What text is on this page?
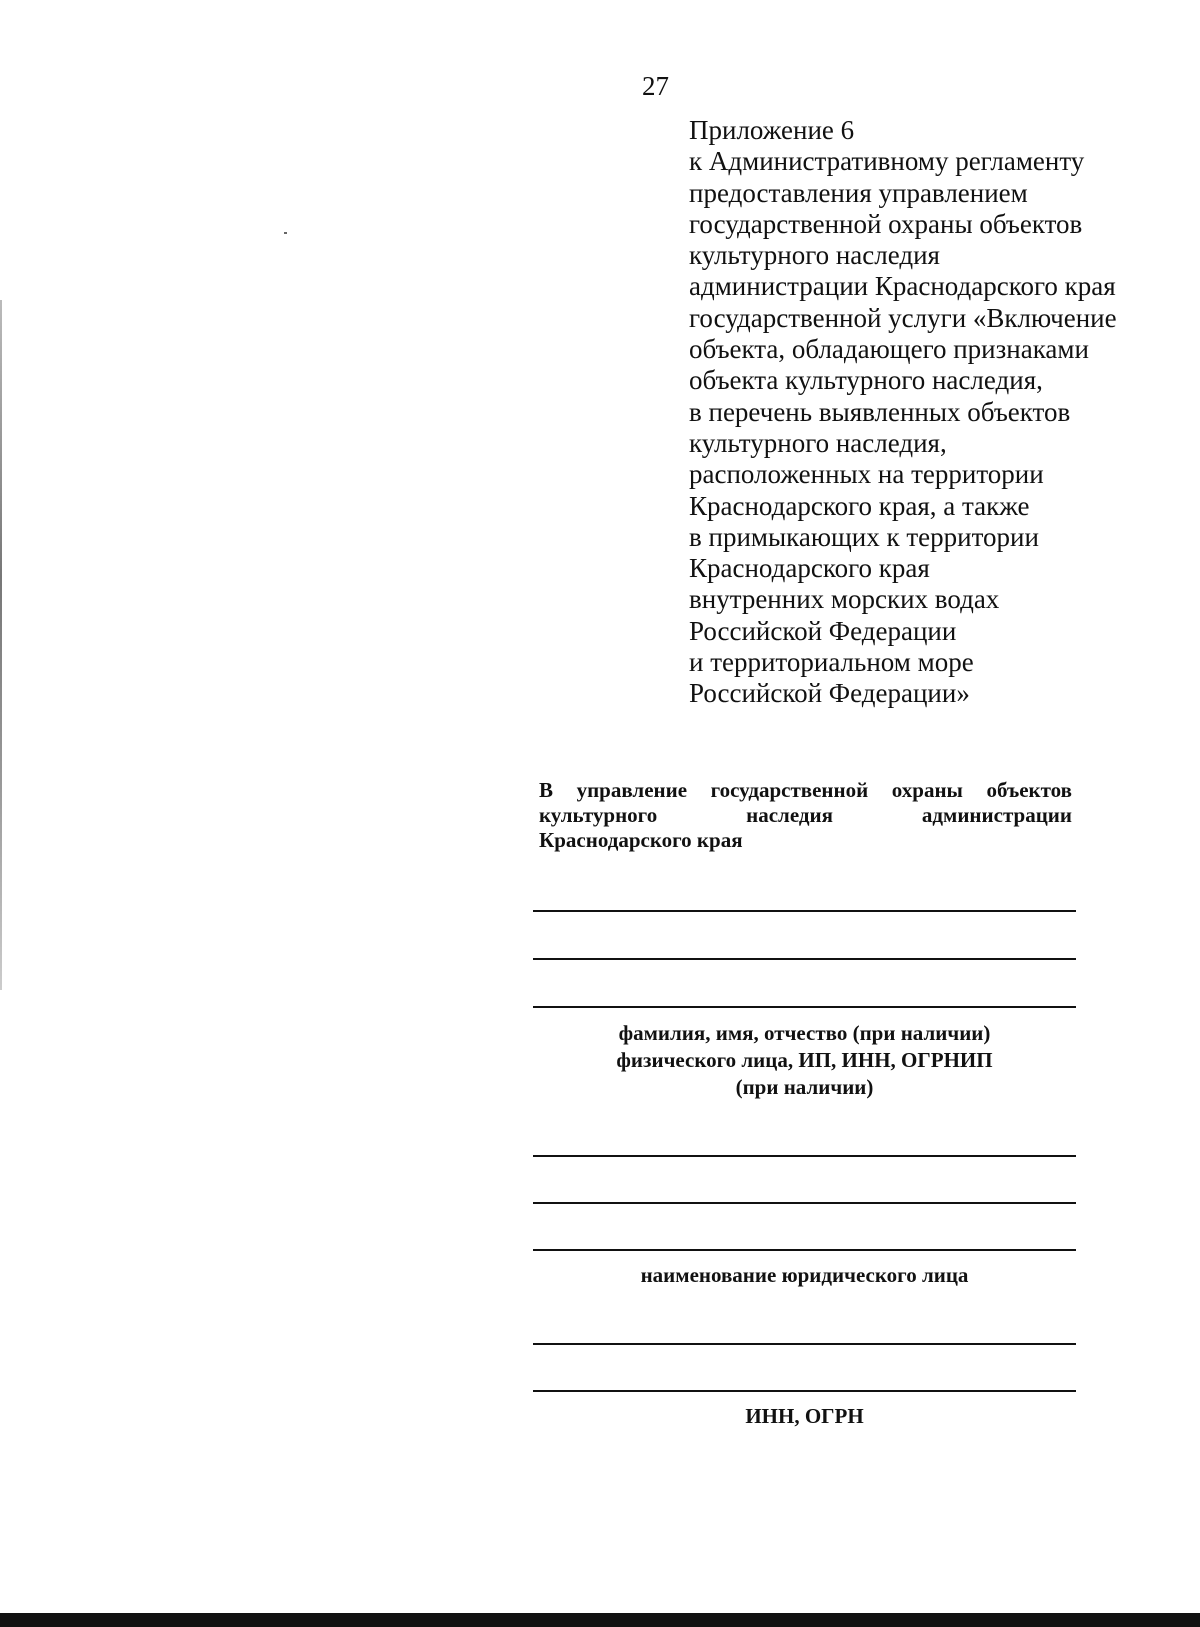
27
Приложение 6
к Административному регламенту
предоставления управлением
государственной охраны объектов
культурного наследия
администрации Краснодарского края
государственной услуги «Включение
объекта, обладающего признаками
объекта культурного наследия,
в перечень выявленных объектов
культурного наследия,
расположенных на территории
Краснодарского края, а также
в примыкающих к территории
Краснодарского края
внутренних морских водах
Российской Федерации
и территориальном море
Российской Федерации»
В управление государственной охраны объектов
культурного наследия администрации
Краснодарского края
фамилия, имя, отчество (при наличии)
физического лица, ИП, ИНН, ОГРНИП
(при наличии)
наименование юридического лица
ИНН, ОГРН
